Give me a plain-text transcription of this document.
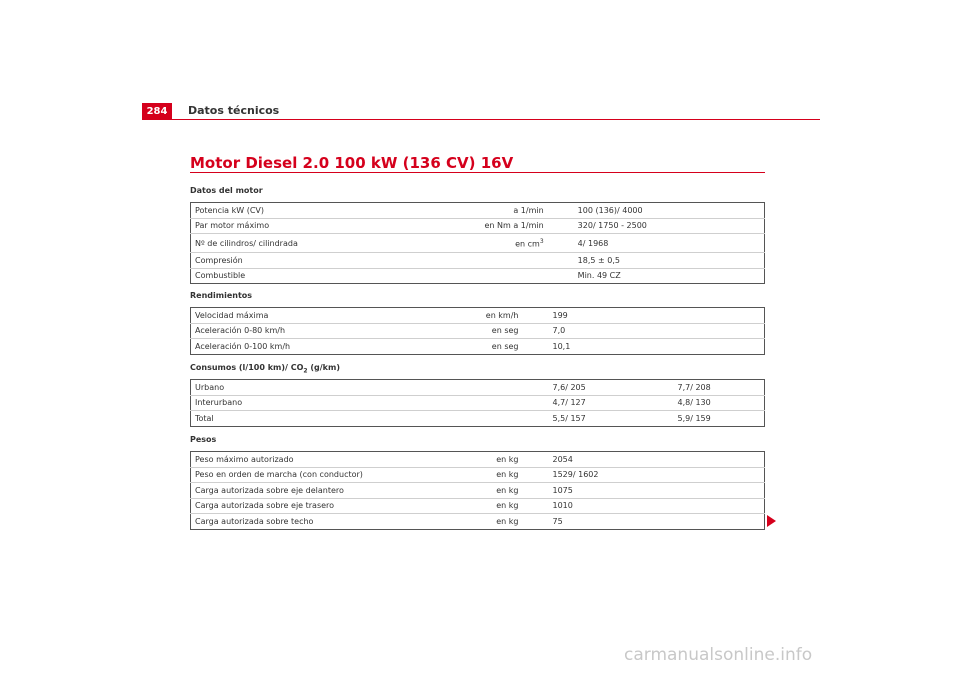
284	Datos técnicos
Motor Diesel 2.0 100 kW (136 CV) 16V
Datos del motor
Potencia kW (CV)	a 1/min	100 (136)/ 4000
Par motor máximo	en Nm a 1/min	320/ 1750 - 2500
Nº de cilindros/ cilindrada	en $cm^3$	4/ 1968
Compresión		18,5 ± 0,5
Combustible		Min. 49 CZ
Rendimientos
Velocidad máxima	en km/h	199
Aceleración 0-80 km/h	en seg	7,0
Aceleración 0-100 km/h	en seg	10,1
Consumos (l/100 km)/ $CO_2$ (g/km)
Urbano		7,6/ 205	7,7/ 208
Interurbano		4,7/ 127	4,8/ 130
Total		5,5/ 157	5,9/ 159
Pesos
Peso máximo autorizado	en kg	2054
Peso en orden de marcha (con conductor)	en kg	1529/ 1602
Carga autorizada sobre eje delantero	en kg	1075
Carga autorizada sobre eje trasero	en kg	1010
Carga autorizada sobre techo	en kg	75
carmanualsonline.info
